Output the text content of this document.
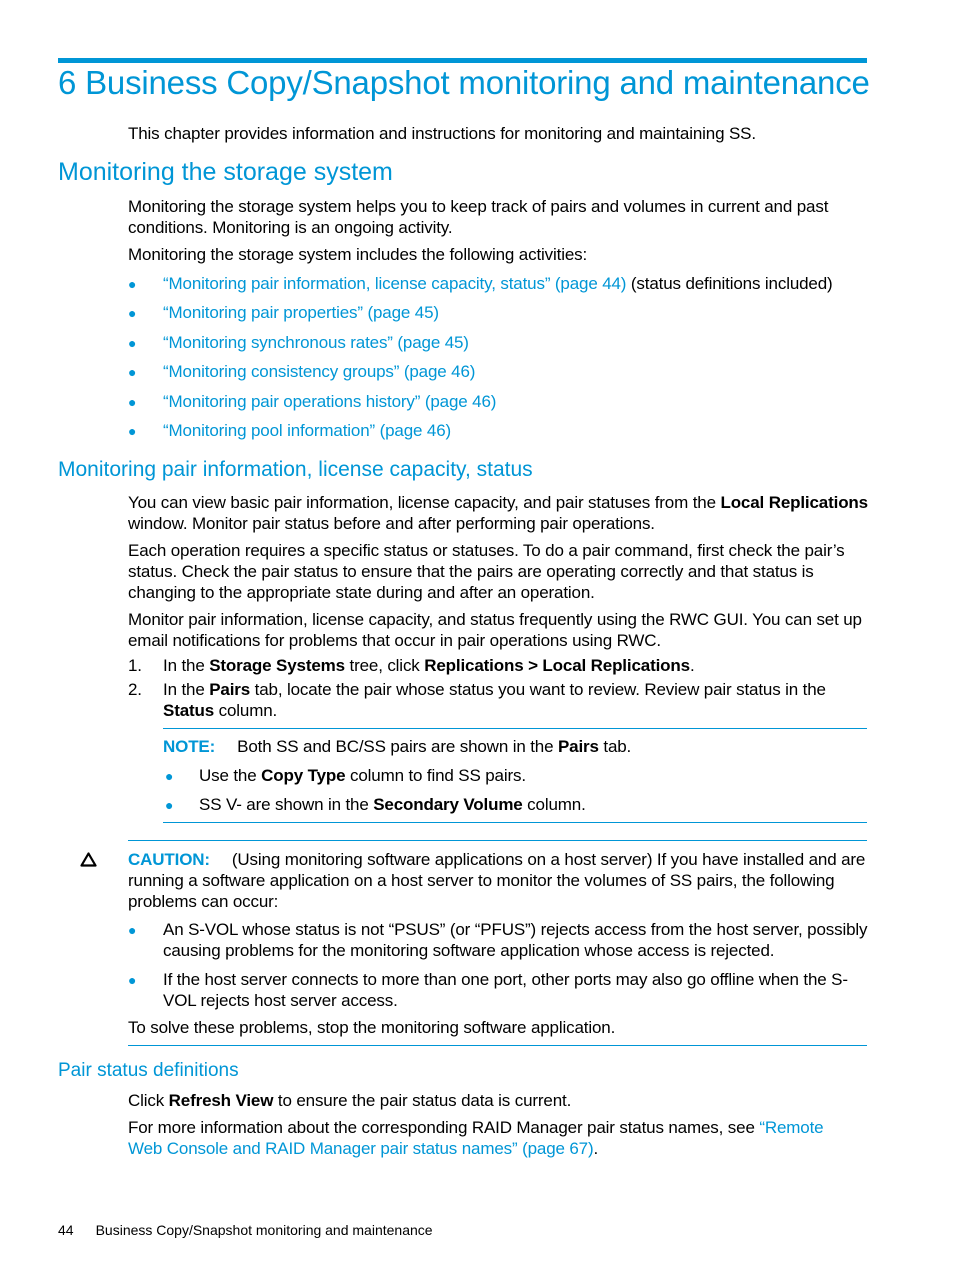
6 Business Copy/Snapshot monitoring and maintenance
This chapter provides information and instructions for monitoring and maintaining SS.
Monitoring the storage system
Monitoring the storage system helps you to keep track of pairs and volumes in current and past conditions. Monitoring is an ongoing activity.
Monitoring the storage system includes the following activities:
● “Monitoring pair information, license capacity, status” (page 44) (status definitions included)
● “Monitoring pair properties” (page 45)
● “Monitoring synchronous rates” (page 45)
● “Monitoring consistency groups” (page 46)
● “Monitoring pair operations history” (page 46)
● “Monitoring pool information” (page 46)
Monitoring pair information, license capacity, status
You can view basic pair information, license capacity, and pair statuses from the Local Replications window. Monitor pair status before and after performing pair operations.
Each operation requires a specific status or statuses. To do a pair command, first check the pair’s status. Check the pair status to ensure that the pairs are operating correctly and that status is changing to the appropriate state during and after an operation.
Monitor pair information, license capacity, and status frequently using the RWC GUI. You can set up email notifications for problems that occur in pair operations using RWC.
1. In the Storage Systems tree, click Replications > Local Replications.
2. In the Pairs tab, locate the pair whose status you want to review. Review pair status in the Status column.
NOTE: Both SS and BC/SS pairs are shown in the Pairs tab.
● Use the Copy Type column to find SS pairs.
● SS V- are shown in the Secondary Volume column.
CAUTION: (Using monitoring software applications on a host server) If you have installed and are running a software application on a host server to monitor the volumes of SS pairs, the following problems can occur:
● An S-VOL whose status is not “PSUS” (or “PFUS”) rejects access from the host server, possibly causing problems for the monitoring software application whose access is rejected.
● If the host server connects to more than one port, other ports may also go offline when the S-VOL rejects host server access.
To solve these problems, stop the monitoring software application.
Pair status definitions
Click Refresh View to ensure the pair status data is current.
For more information about the corresponding RAID Manager pair status names, see “Remote Web Console and RAID Manager pair status names” (page 67).
44 Business Copy/Snapshot monitoring and maintenance
